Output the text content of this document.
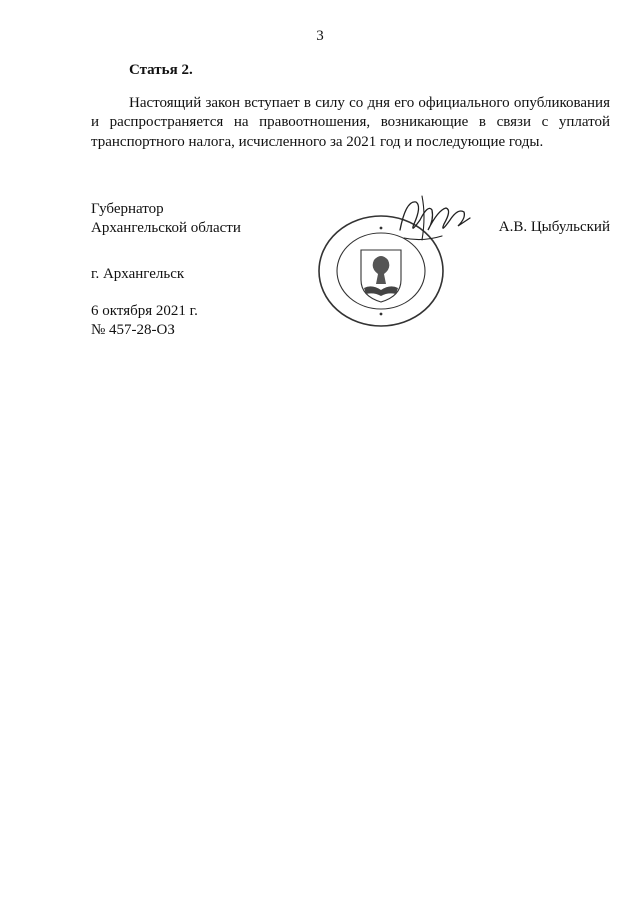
3
Статья 2.

Настоящий закон вступает в силу со дня его официального опубликования и распространяется на правоотношения, возникающие в связи с уплатой транспортного налога, исчисленного за 2021 год и последующие годы.

Губернатор
Архангельской области	А.В. Цыбульский
г. Архангельск
6 октября 2021 г.
№ 457-28-ОЗ
